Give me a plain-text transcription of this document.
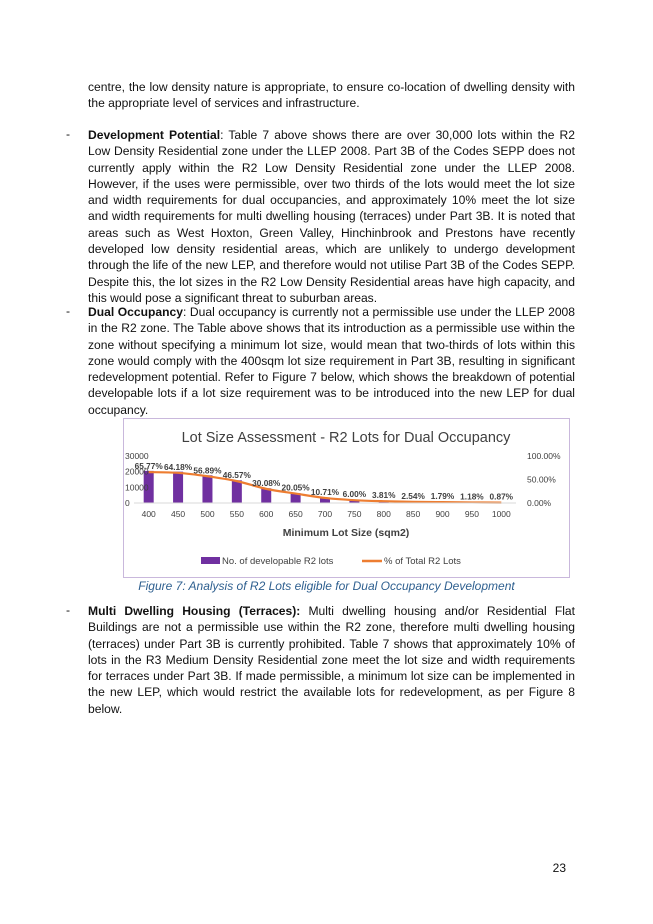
centre, the low density nature is appropriate, to ensure co-location of dwelling density with the appropriate level of services and infrastructure.
- Development Potential: Table 7 above shows there are over 30,000 lots within the R2 Low Density Residential zone under the LLEP 2008. Part 3B of the Codes SEPP does not currently apply within the R2 Low Density Residential zone under the LLEP 2008. However, if the uses were permissible, over two thirds of the lots would meet the lot size and width requirements for dual occupancies, and approximately 10% meet the lot size and width requirements for multi dwelling housing (terraces) under Part 3B. It is noted that areas such as West Hoxton, Green Valley, Hinchinbrook and Prestons have recently developed low density residential areas, which are unlikely to undergo development through the life of the new LEP, and therefore would not utilise Part 3B of the Codes SEPP. Despite this, the lot sizes in the R2 Low Density Residential areas have high capacity, and this would pose a significant threat to suburban areas.
- Dual Occupancy: Dual occupancy is currently not a permissible use under the LLEP 2008 in the R2 zone. The Table above shows that its introduction as a permissible use within the zone without specifying a minimum lot size, would mean that two-thirds of lots within this zone would comply with the 400sqm lot size requirement in Part 3B, resulting in significant redevelopment potential. Refer to Figure 7 below, which shows the breakdown of potential developable lots if a lot size requirement was to be introduced into the new LEP for dual occupancy.
Lot Size Assessment - R2 Lots for Dual Occupancy
Minimum Lot Size (sqm2)
65.77% 64.18% 56.89% 46.57%
30.08% 20.05% 10.71% 6.00% 3.81% 2.54% 1.79% 1.18% 0.87%
400 450 500 550 600 650 700 750 800 850 900 950 1000
0
10000
20000
30000
0.00%
50.00%
100.00%
No. of developable R2 lots	% of Total R2 Lots
Figure 7: Analysis of R2 Lots eligible for Dual Occupancy Development
- Multi Dwelling Housing (Terraces): Multi dwelling housing and/or Residential Flat Buildings are not a permissible use within the R2 zone, therefore multi dwelling housing (terraces) under Part 3B is currently prohibited. Table 7 shows that approximately 10% of lots in the R3 Medium Density Residential zone meet the lot size and width requirements for terraces under Part 3B. If made permissible, a minimum lot size can be implemented in the new LEP, which would restrict the available lots for redevelopment, as per Figure 8 below.
23
